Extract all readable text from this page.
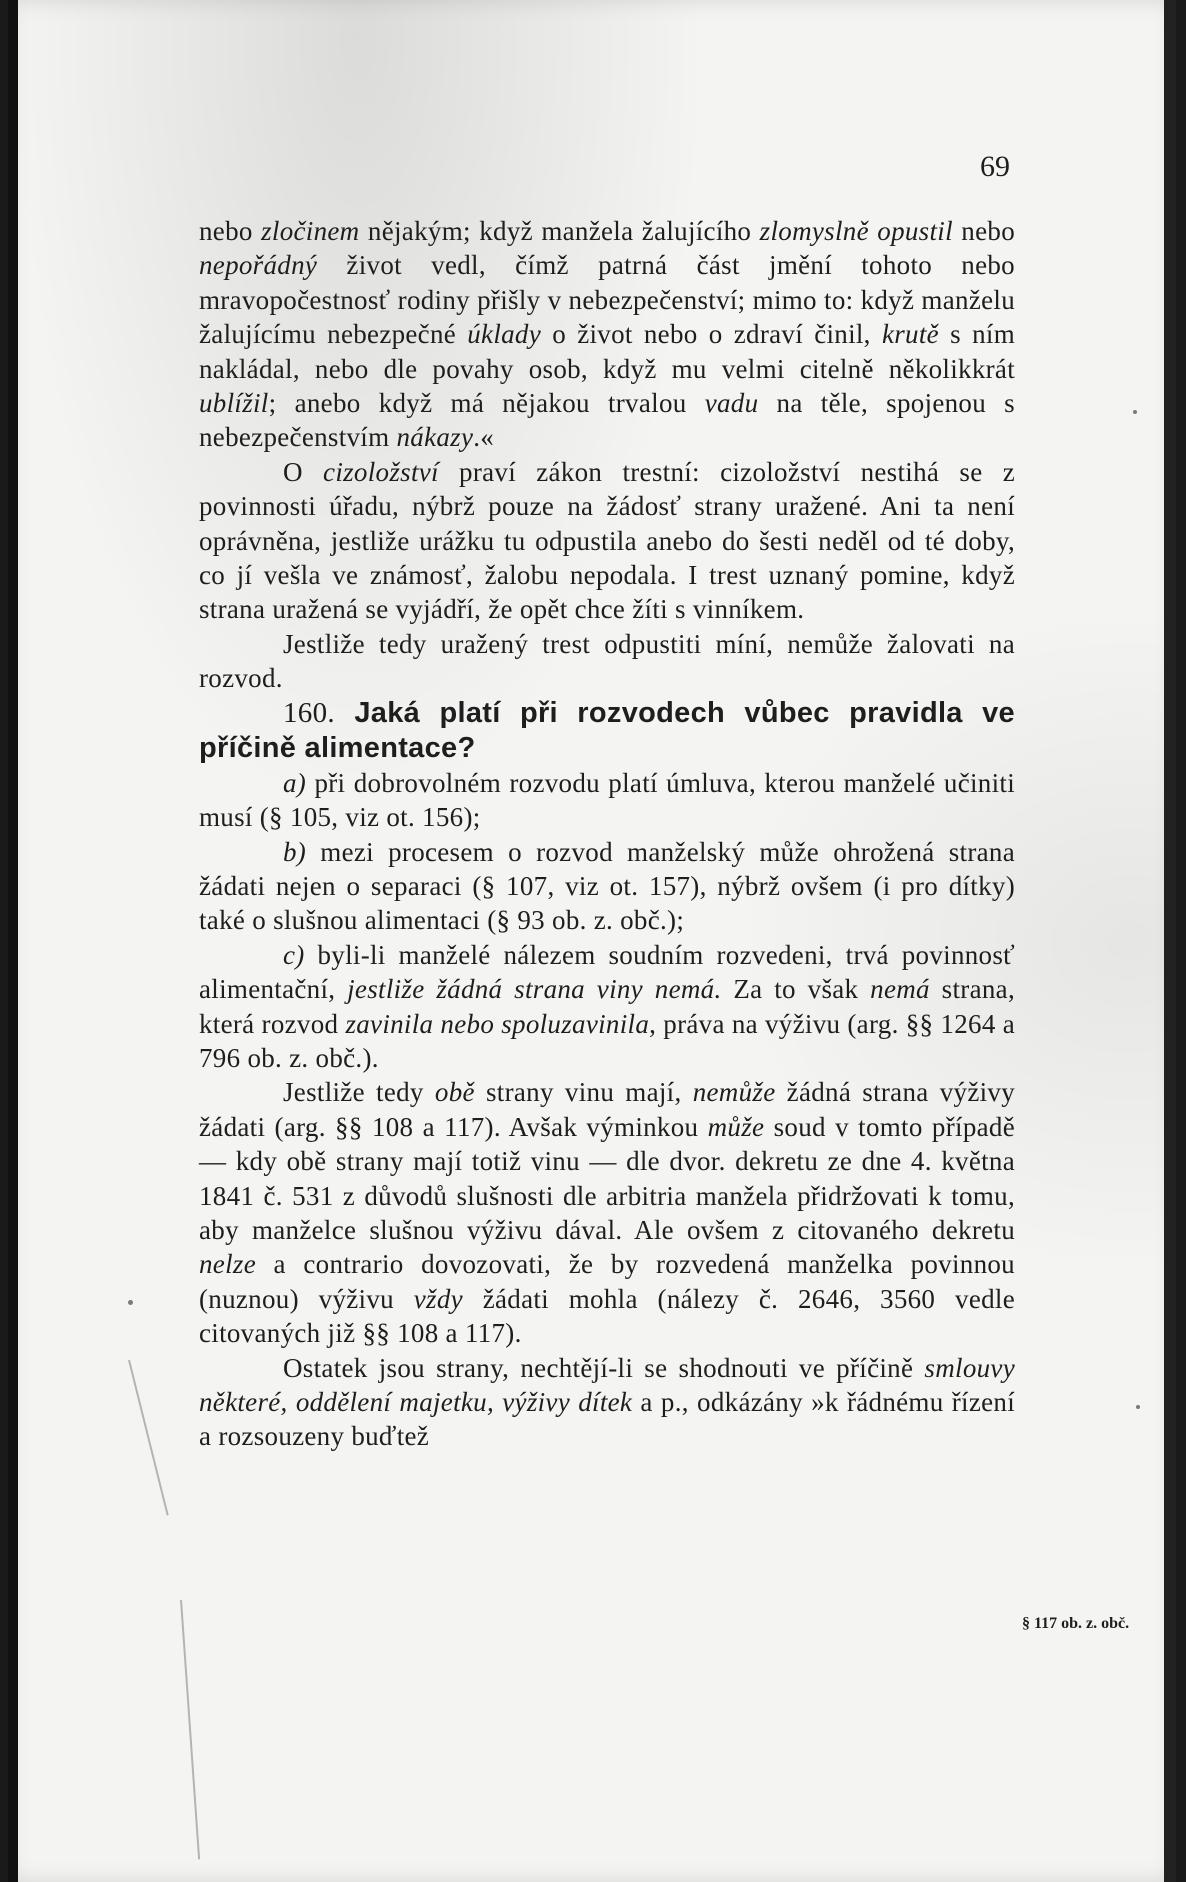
69

nebo zločinem nějakým; když manžela žalujícího zlomyslně opustil nebo nepořádný život vedl, čímž patrná část jmění tohoto nebo mravopočestnosť rodiny přišly v nebezpečenství; mimo to: když manželu žalujícímu nebezpečné úklady o život nebo o zdraví činil, krutě s ním nakládal, nebo dle povahy osob, když mu velmi citelně několikkrát ublížil; anebo když má nějakou trvalou vadu na těle, spojenou s nebezpečenstvím nákazy.«

O cizoložství praví zákon trestní: cizoložství nestihá se z povinnosti úřadu, nýbrž pouze na žádosť strany uražené. Ani ta není oprávněna, jestliže urážku tu odpustila anebo do šesti neděl od té doby, co jí vešla ve známosť, žalobu nepodala. I trest uznaný pomine, když strana uražená se vyjádří, že opět chce žíti s vinníkem.

Jestliže tedy uražený trest odpustiti míní, nemůže žalovati na rozvod.

160. Jaká platí při rozvodech vůbec pravidla ve příčině alimentace?

a) při dobrovolném rozvodu platí úmluva, kterou manželé učiniti musí (§ 105, viz ot. 156);

b) mezi procesem o rozvod manželský může ohrožená strana žádati nejen o separaci (§ 107, viz ot. 157), nýbrž ovšem (i pro dítky) také o slušnou alimentaci (§ 93 ob. z. obč.);

c) byli-li manželé nálezem soudním rozvedeni, trvá povinnosť alimentační, jestliže žádná strana viny nemá. Za to však nemá strana, která rozvod zavinila nebo spoluzavinila, práva na výživu (arg. §§ 1264 a 796 ob. z. obč.).

Jestliže tedy obě strany vinu mají, nemůže žádná strana výživy žádati (arg. §§ 108 a 117). Avšak výminkou může soud v tomto případě — kdy obě strany mají totiž vinu — dle dvor. dekretu ze dne 4. května 1841 č. 531 z důvodů slušnosti dle arbitria manžela přidržovati k tomu, aby manželce slušnou výživu dával. Ale ovšem z citovaného dekretu nelze a contrario dovozovati, že by rozvedená manželka povinnou (nuznou) výživu vždy žádati mohla (nálezy č. 2646, 3560 vedle citovaných již §§ 108 a 117).

Ostatek jsou strany, nechtějí-li se shodnouti ve příčině smlouvy některé, oddělení majetku, výživy dítek a p., odkázány »k řádnému řízení a rozsouzeny buďtež

§ 117 ob. z. obč.
